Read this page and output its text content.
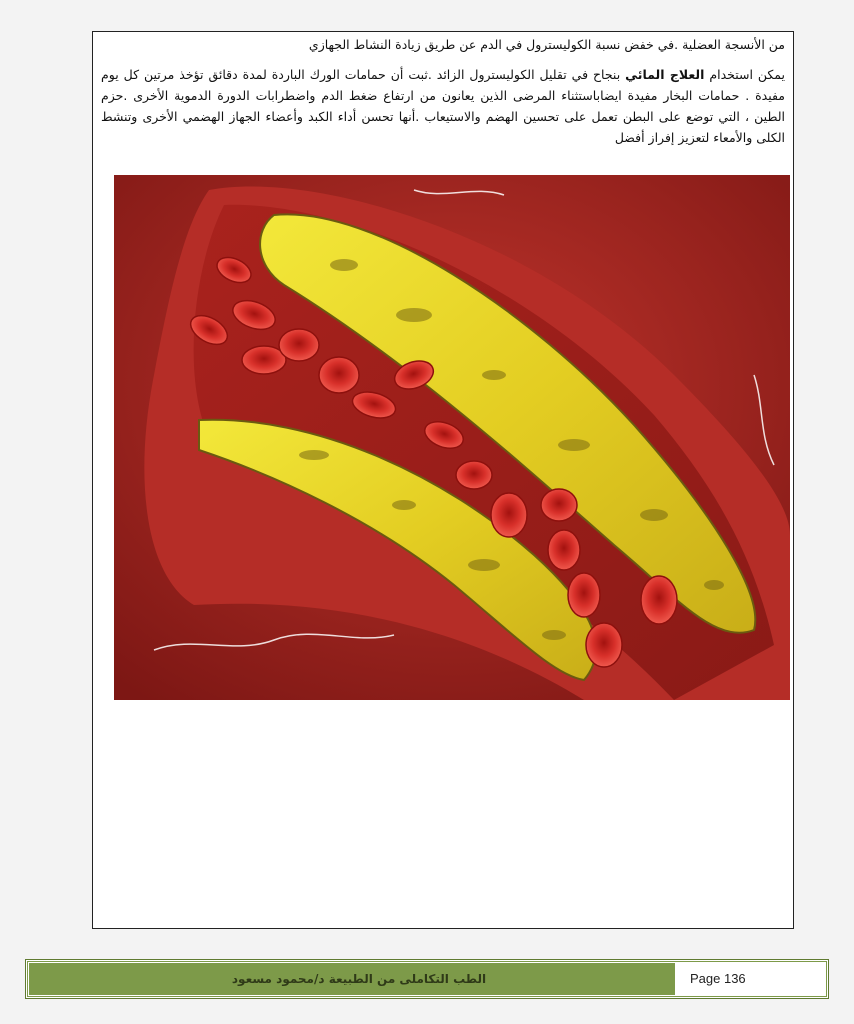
من الأنسجة العضلية .في خفض نسبة الكوليسترول في الدم عن طريق زيادة النشاط الجهازي

يمكن استخدام العلاج المائي بنجاح في تقليل الكوليسترول الزائد .ثبت أن حمامات الورك الباردة لمدة دقائق تؤخذ مرتين كل يوم مفيدة . حمامات البخار مفيدة ايضاباستثناء المرضى الذين يعانون من ارتفاع ضغط الدم واضطرابات الدورة الدموية الأخرى .حزم الطين ، التي توضع على البطن تعمل على تحسين الهضم والاستيعاب .أنها تحسن أداء الكبد وأعضاء الجهاز الهضمي الأخرى وتنشط الكلى والأمعاء لتعزيز إفراز أفضل

الطب التكاملى من الطبيعة د/محمود مسعود	Page 136
